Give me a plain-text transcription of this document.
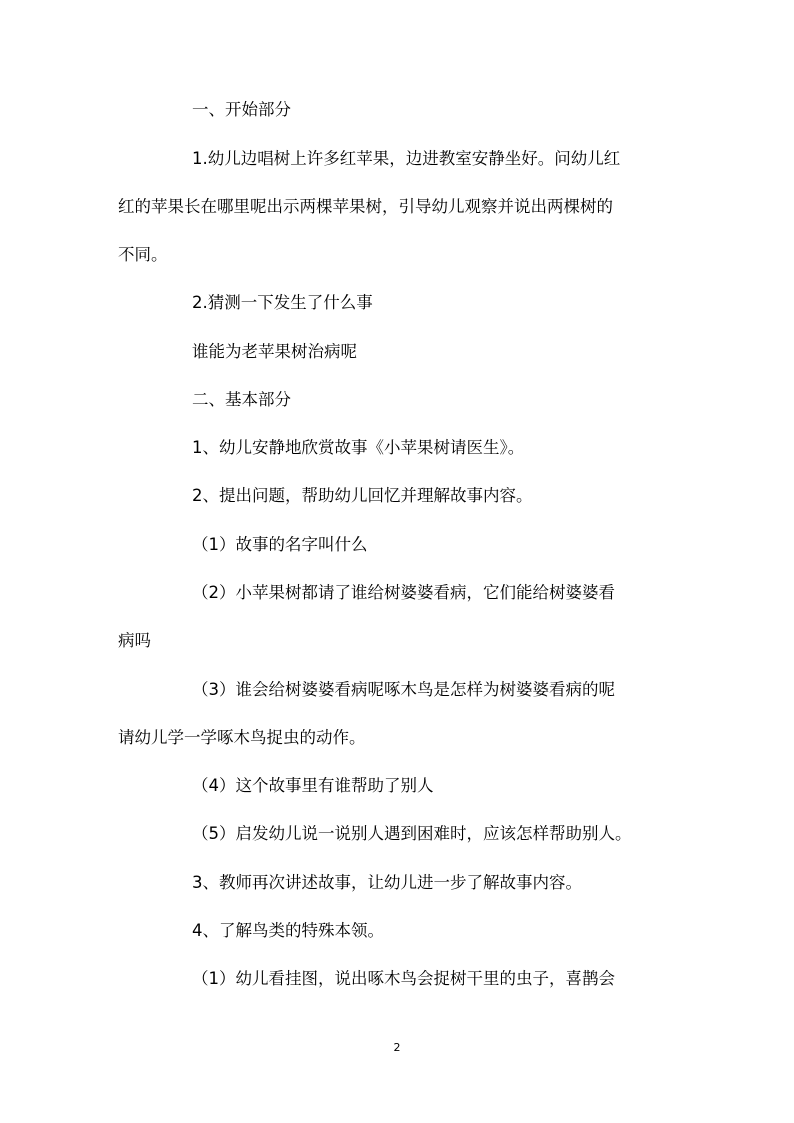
一、开始部分
1.幼儿边唱树上许多红苹果，边进教室安静坐好。问幼儿红
红的苹果长在哪里呢出示两棵苹果树，引导幼儿观察并说出两棵树的
不同。
2.猜测一下发生了什么事
谁能为老苹果树治病呢
二、基本部分
1、幼儿安静地欣赏故事《小苹果树请医生》。
2、提出问题，帮助幼儿回忆并理解故事内容。
（1）故事的名字叫什么
（2）小苹果树都请了谁给树婆婆看病，它们能给树婆婆看
病吗
（3）谁会给树婆婆看病呢啄木鸟是怎样为树婆婆看病的呢
请幼儿学一学啄木鸟捉虫的动作。
（4）这个故事里有谁帮助了别人
（5）启发幼儿说一说别人遇到困难时，应该怎样帮助别人。
3、教师再次讲述故事，让幼儿进一步了解故事内容。
4、了解鸟类的特殊本领。
（1）幼儿看挂图，说出啄木鸟会捉树干里的虫子，喜鹊会
2
